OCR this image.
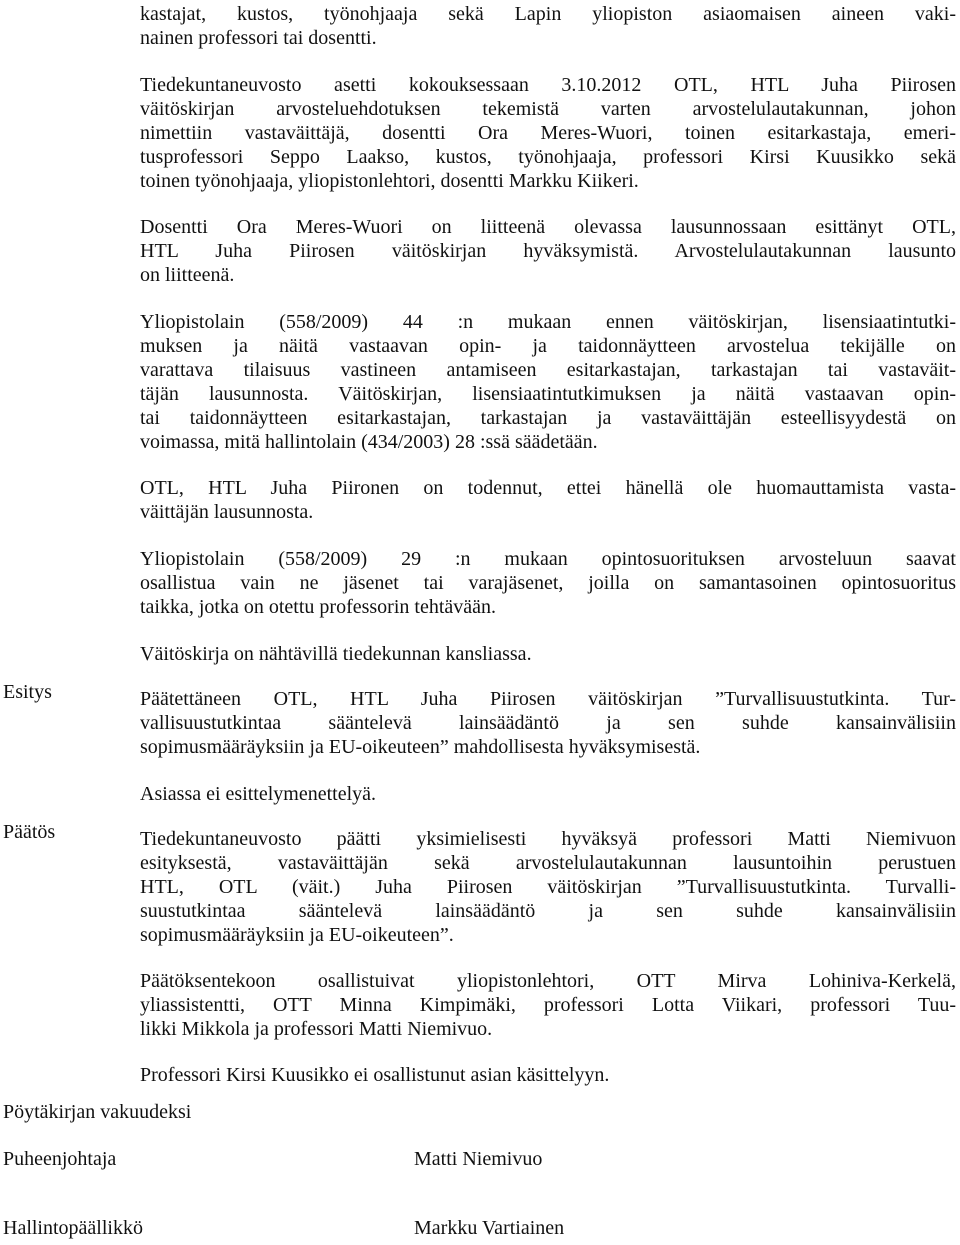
kastajat, kustos, työnohjaaja sekä Lapin yliopiston asiaomaisen aineen vaki-
nainen professori tai dosentti.
Tiedekuntaneuvosto asetti kokouksessaan 3.10.2012 OTL, HTL Juha Piirosen
väitöskirjan arvosteluehdotuksen tekemistä varten arvostelulautakunnan, johon
nimettiin vastaväittäjä, dosentti Ora Meres-Wuori, toinen esitarkastaja, emeri-
tusprofessori Seppo Laakso, kustos, työnohjaaja, professori Kirsi Kuusikko sekä
toinen työnohjaaja, yliopistonlehtori, dosentti Markku Kiikeri.
Dosentti Ora Meres-Wuori on liitteenä olevassa lausunnossaan esittänyt OTL,
HTL Juha Piirosen väitöskirjan hyväksymistä. Arvostelulautakunnan lausunto
on liitteenä.
Yliopistolain (558/2009) 44 :n mukaan ennen väitöskirjan, lisensiaatintutki-
muksen ja näitä vastaavan opin- ja taidonnäytteen arvostelua tekijälle on
varattava tilaisuus vastineen antamiseen esitarkastajan, tarkastajan tai vastaväit-
täjän lausunnosta. Väitöskirjan, lisensiaatintutkimuksen ja näitä vastaavan opin-
tai taidonnäytteen esitarkastajan, tarkastajan ja vastaväittäjän esteellisyydestä on
voimassa, mitä hallintolain (434/2003) 28 :ssä säädetään.
OTL, HTL Juha Piironen on todennut, ettei hänellä ole huomauttamista vasta-
väittäjän lausunnosta.
Yliopistolain (558/2009) 29 :n mukaan opintosuorituksen arvosteluun saavat
osallistua vain ne jäsenet tai varajäsenet, joilla on samantasoinen opintosuoritus
taikka, jotka on otettu professorin tehtävään.
Väitöskirja on nähtävillä tiedekunnan kansliassa.
Päätettäneen OTL, HTL Juha Piirosen väitöskirjan ”Turvallisuustutkinta. Tur-
vallisuustutkintaa sääntelevä lainsäädäntö ja sen suhde kansainvälisiin
sopimusmääräyksiin ja EU-oikeuteen” mahdollisesta hyväksymisestä.
Asiassa ei esittelymenettelyä.
Tiedekuntaneuvosto päätti yksimielisesti hyväksyä professori Matti Niemivuon
esityksestä, vastaväittäjän sekä arvostelulautakunnan lausuntoihin perustuen
HTL, OTL (väit.) Juha Piirosen väitöskirjan ”Turvallisuustutkinta. Turvalli-
suustutkintaa sääntelevä lainsäädäntö ja sen suhde kansainvälisiin
sopimusmääräyksiin ja EU-oikeuteen”.
Päätöksentekoon osallistuivat yliopistonlehtori, OTT Mirva Lohiniva-Kerkelä,
yliassistentti, OTT Minna Kimpimäki, professori Lotta Viikari, professori Tuu-
likki Mikkola ja professori Matti Niemivuo.
Professori Kirsi Kuusikko ei osallistunut asian käsittelyyn.
Esitys
Päätös
Pöytäkirjan vakuudeksi
Puheenjohtaja	Matti Niemivuo
Hallintopäällikkö	Markku Vartiainen
